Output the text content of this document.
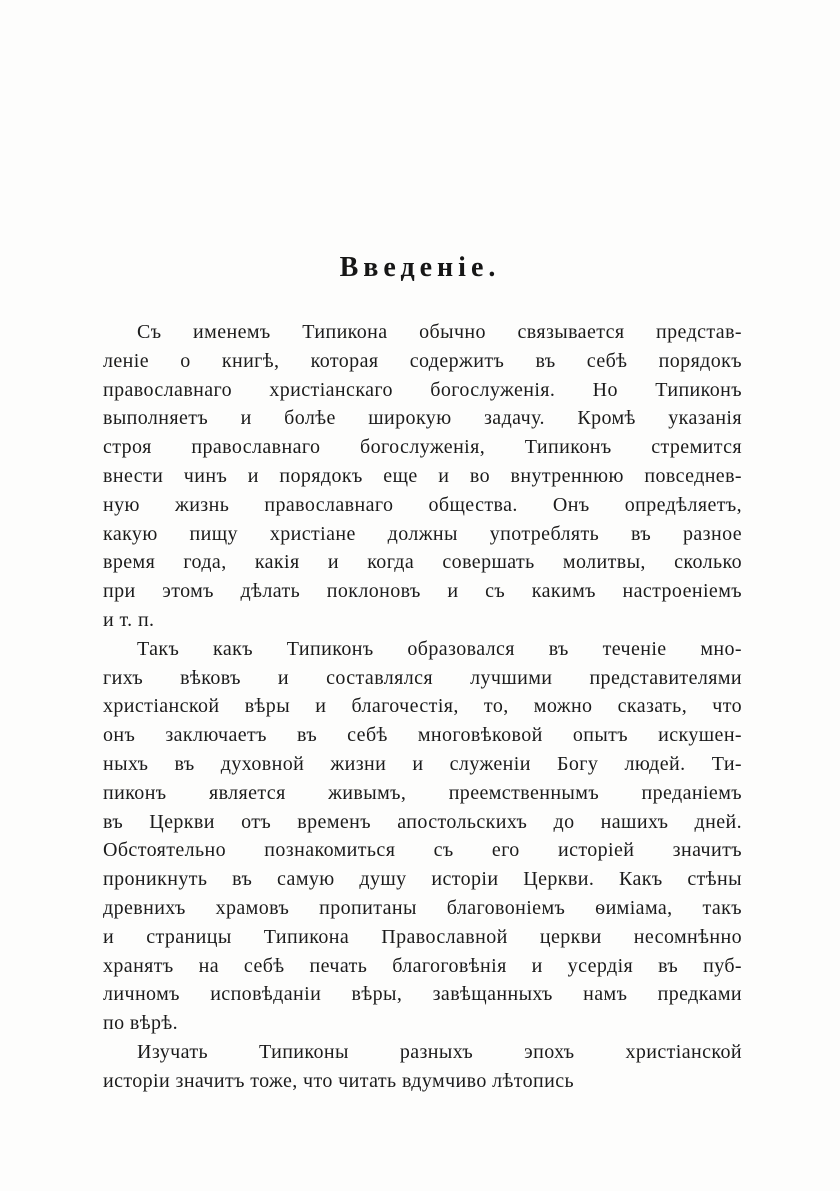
Введеніе.
Съ именемъ Типикона обычно связывается представ-
леніе о книгѣ, которая содержитъ въ себѣ порядокъ
православнаго христіанскаго богослуженія. Но Типиконъ
выполняетъ и болѣе широкую задачу. Кромѣ указанія
строя православнаго богослуженія, Типиконъ стремится
внести чинъ и порядокъ еще и во внутреннюю повседнев-
ную жизнь православнаго общества. Онъ опредѣляетъ,
какую пищу христіане должны употреблять въ разное
время года, какія и когда совершать молитвы, сколько
при этомъ дѣлать поклоновъ и съ какимъ настроеніемъ
и т. п.
Такъ какъ Типиконъ образовался въ теченіе мно-
гихъ вѣковъ и составлялся лучшими представителями
христіанской вѣры и благочестія, то, можно сказать, что
онъ заключаетъ въ себѣ многовѣковой опытъ искушен-
ныхъ въ духовной жизни и служеніи Богу людей. Ти-
пиконъ является живымъ, преемственнымъ преданіемъ
въ Церкви отъ временъ апостольскихъ до нашихъ дней.
Обстоятельно познакомиться съ его исторіей значитъ
проникнуть въ самую душу исторіи Церкви. Какъ стѣны
древнихъ храмовъ пропитаны благовоніемъ ѳиміама, такъ
и страницы Типикона Православной церкви несомнѣнно
хранятъ на себѣ печать благоговѣнія и усердія въ пуб-
личномъ исповѣданіи вѣры, завѣщанныхъ намъ предками
по вѣрѣ.
Изучать Типиконы разныхъ эпохъ христіанской
исторіи значитъ тоже, что читать вдумчиво лѣтопись
